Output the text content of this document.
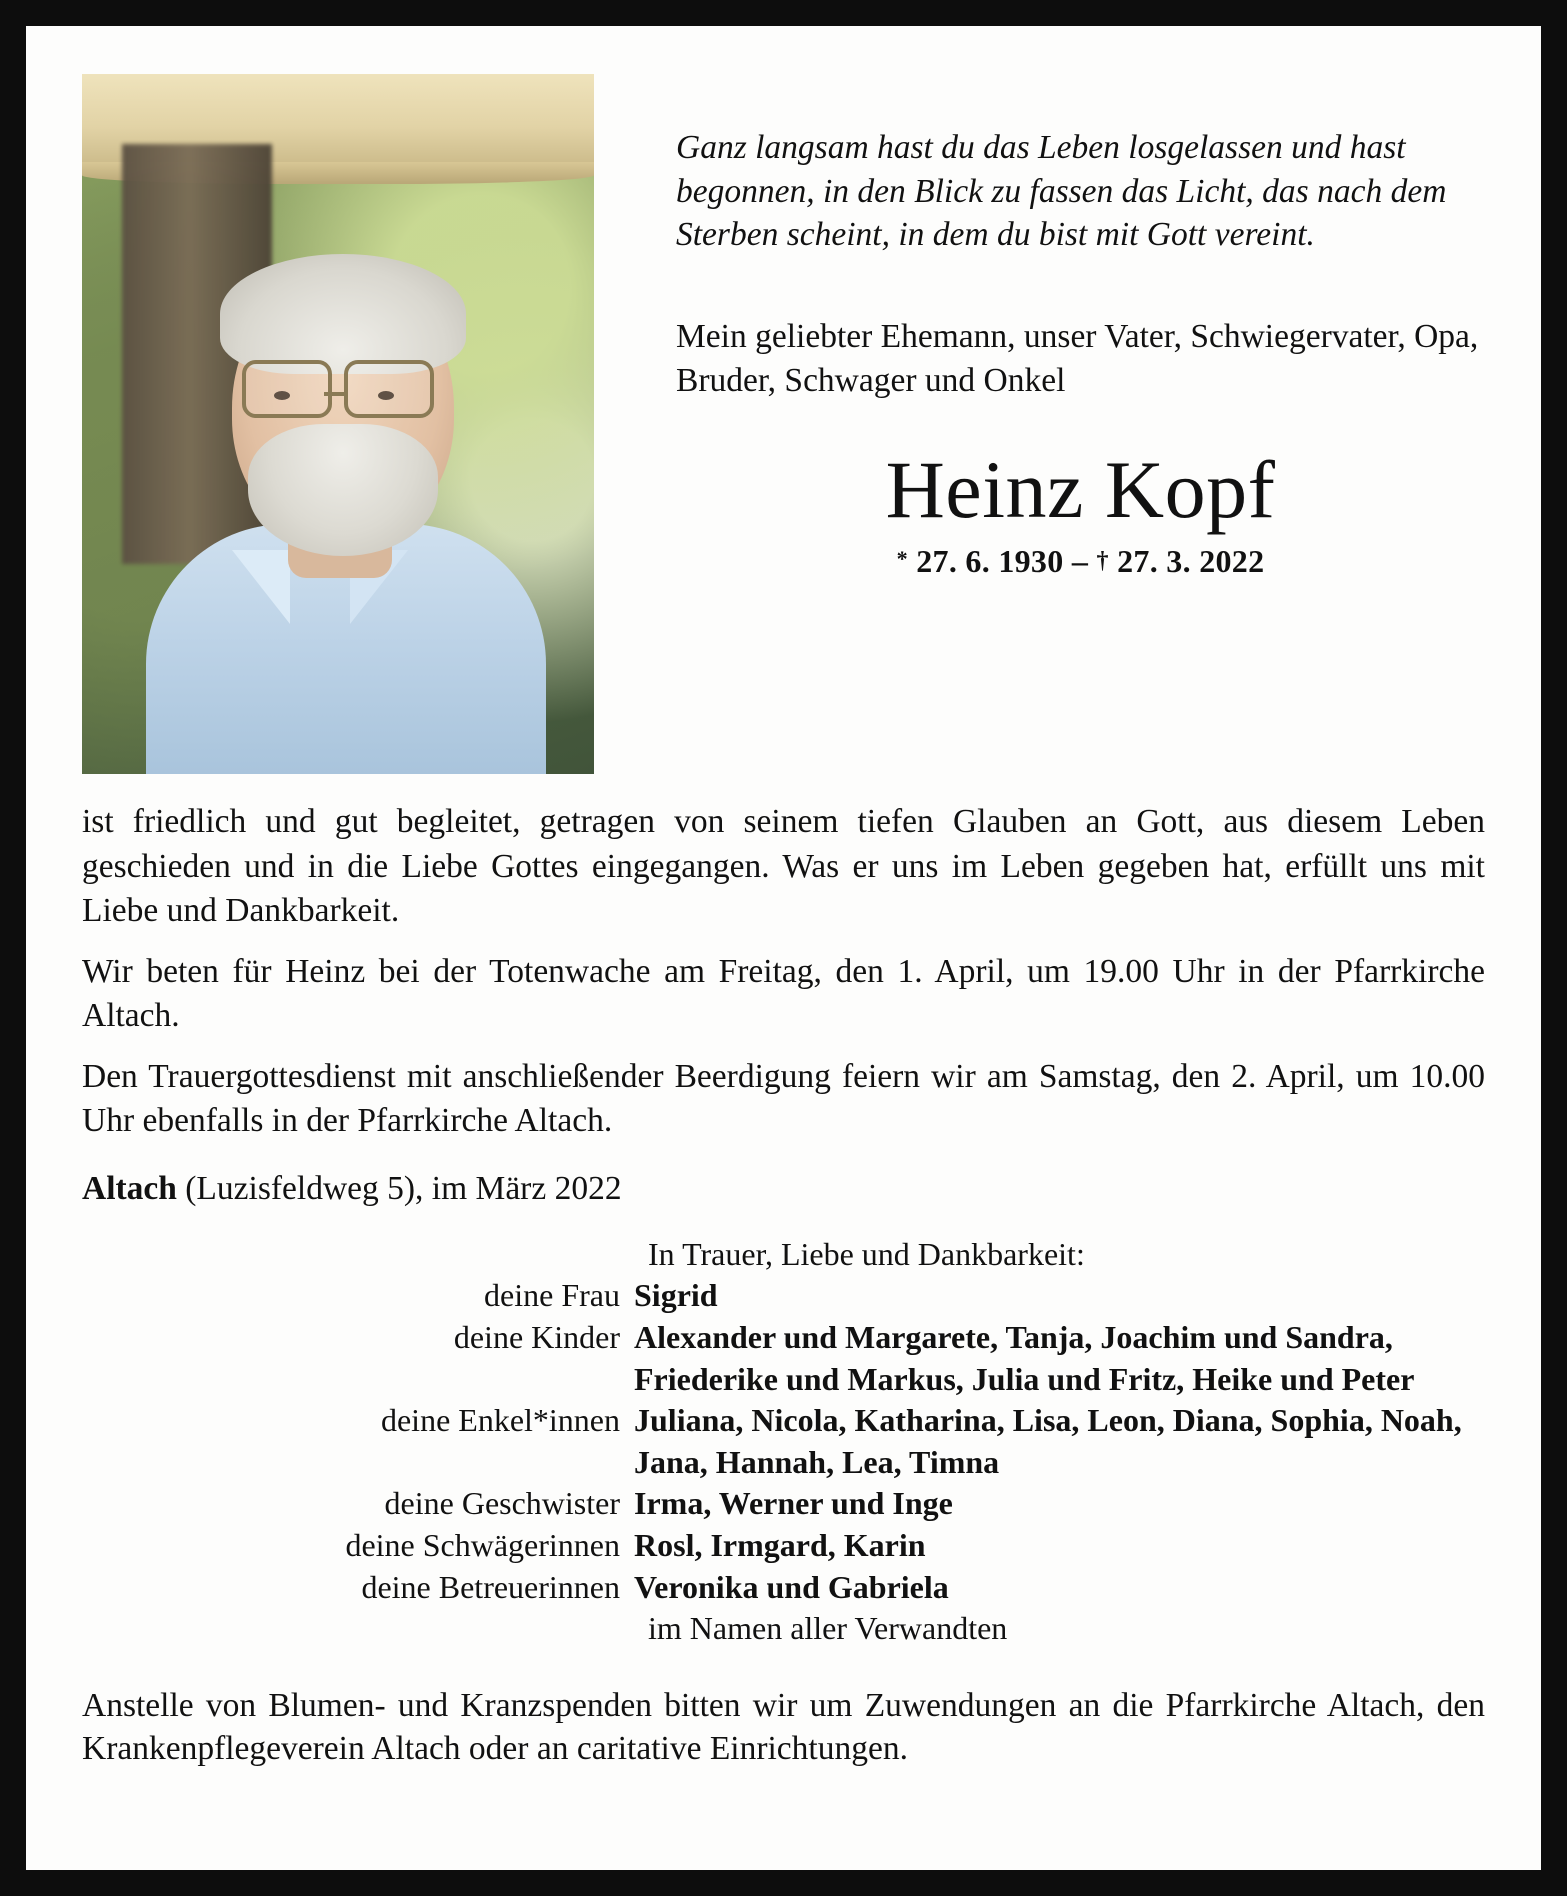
Ganz langsam hast du das Leben losgelassen und hast begonnen, in den Blick zu fassen das Licht, das nach dem Sterben scheint, in dem du bist mit Gott vereint.
Mein geliebter Ehemann, unser Vater, Schwiegervater, Opa, Bruder, Schwager und Onkel
Heinz Kopf
* 27. 6. 1930 – † 27. 3. 2022

ist friedlich und gut begleitet, getragen von seinem tiefen Glauben an Gott, aus diesem Leben geschieden und in die Liebe Gottes eingegangen. Was er uns im Leben gegeben hat, erfüllt uns mit Liebe und Dankbarkeit.

Wir beten für Heinz bei der Totenwache am Freitag, den 1. April, um 19.00 Uhr in der Pfarrkirche Altach.

Den Trauergottesdienst mit anschließender Beerdigung feiern wir am Samstag, den 2. April, um 10.00 Uhr ebenfalls in der Pfarrkirche Altach.

Altach (Luzisfeldweg 5), im März 2022
In Trauer, Liebe und Dankbarkeit:
deine Frau Sigrid
deine Kinder Alexander und Margarete, Tanja, Joachim und Sandra, Friederike und Markus, Julia und Fritz, Heike und Peter
deine Enkel*innen Juliana, Nicola, Katharina, Lisa, Leon, Diana, Sophia, Noah, Jana, Hannah, Lea, Timna
deine Geschwister Irma, Werner und Inge
deine Schwägerinnen Rosl, Irmgard, Karin
deine Betreuerinnen Veronika und Gabriela
im Namen aller Verwandten
Anstelle von Blumen- und Kranzspenden bitten wir um Zuwendungen an die Pfarrkirche Altach, den Krankenpflegeverein Altach oder an caritative Einrichtungen.
